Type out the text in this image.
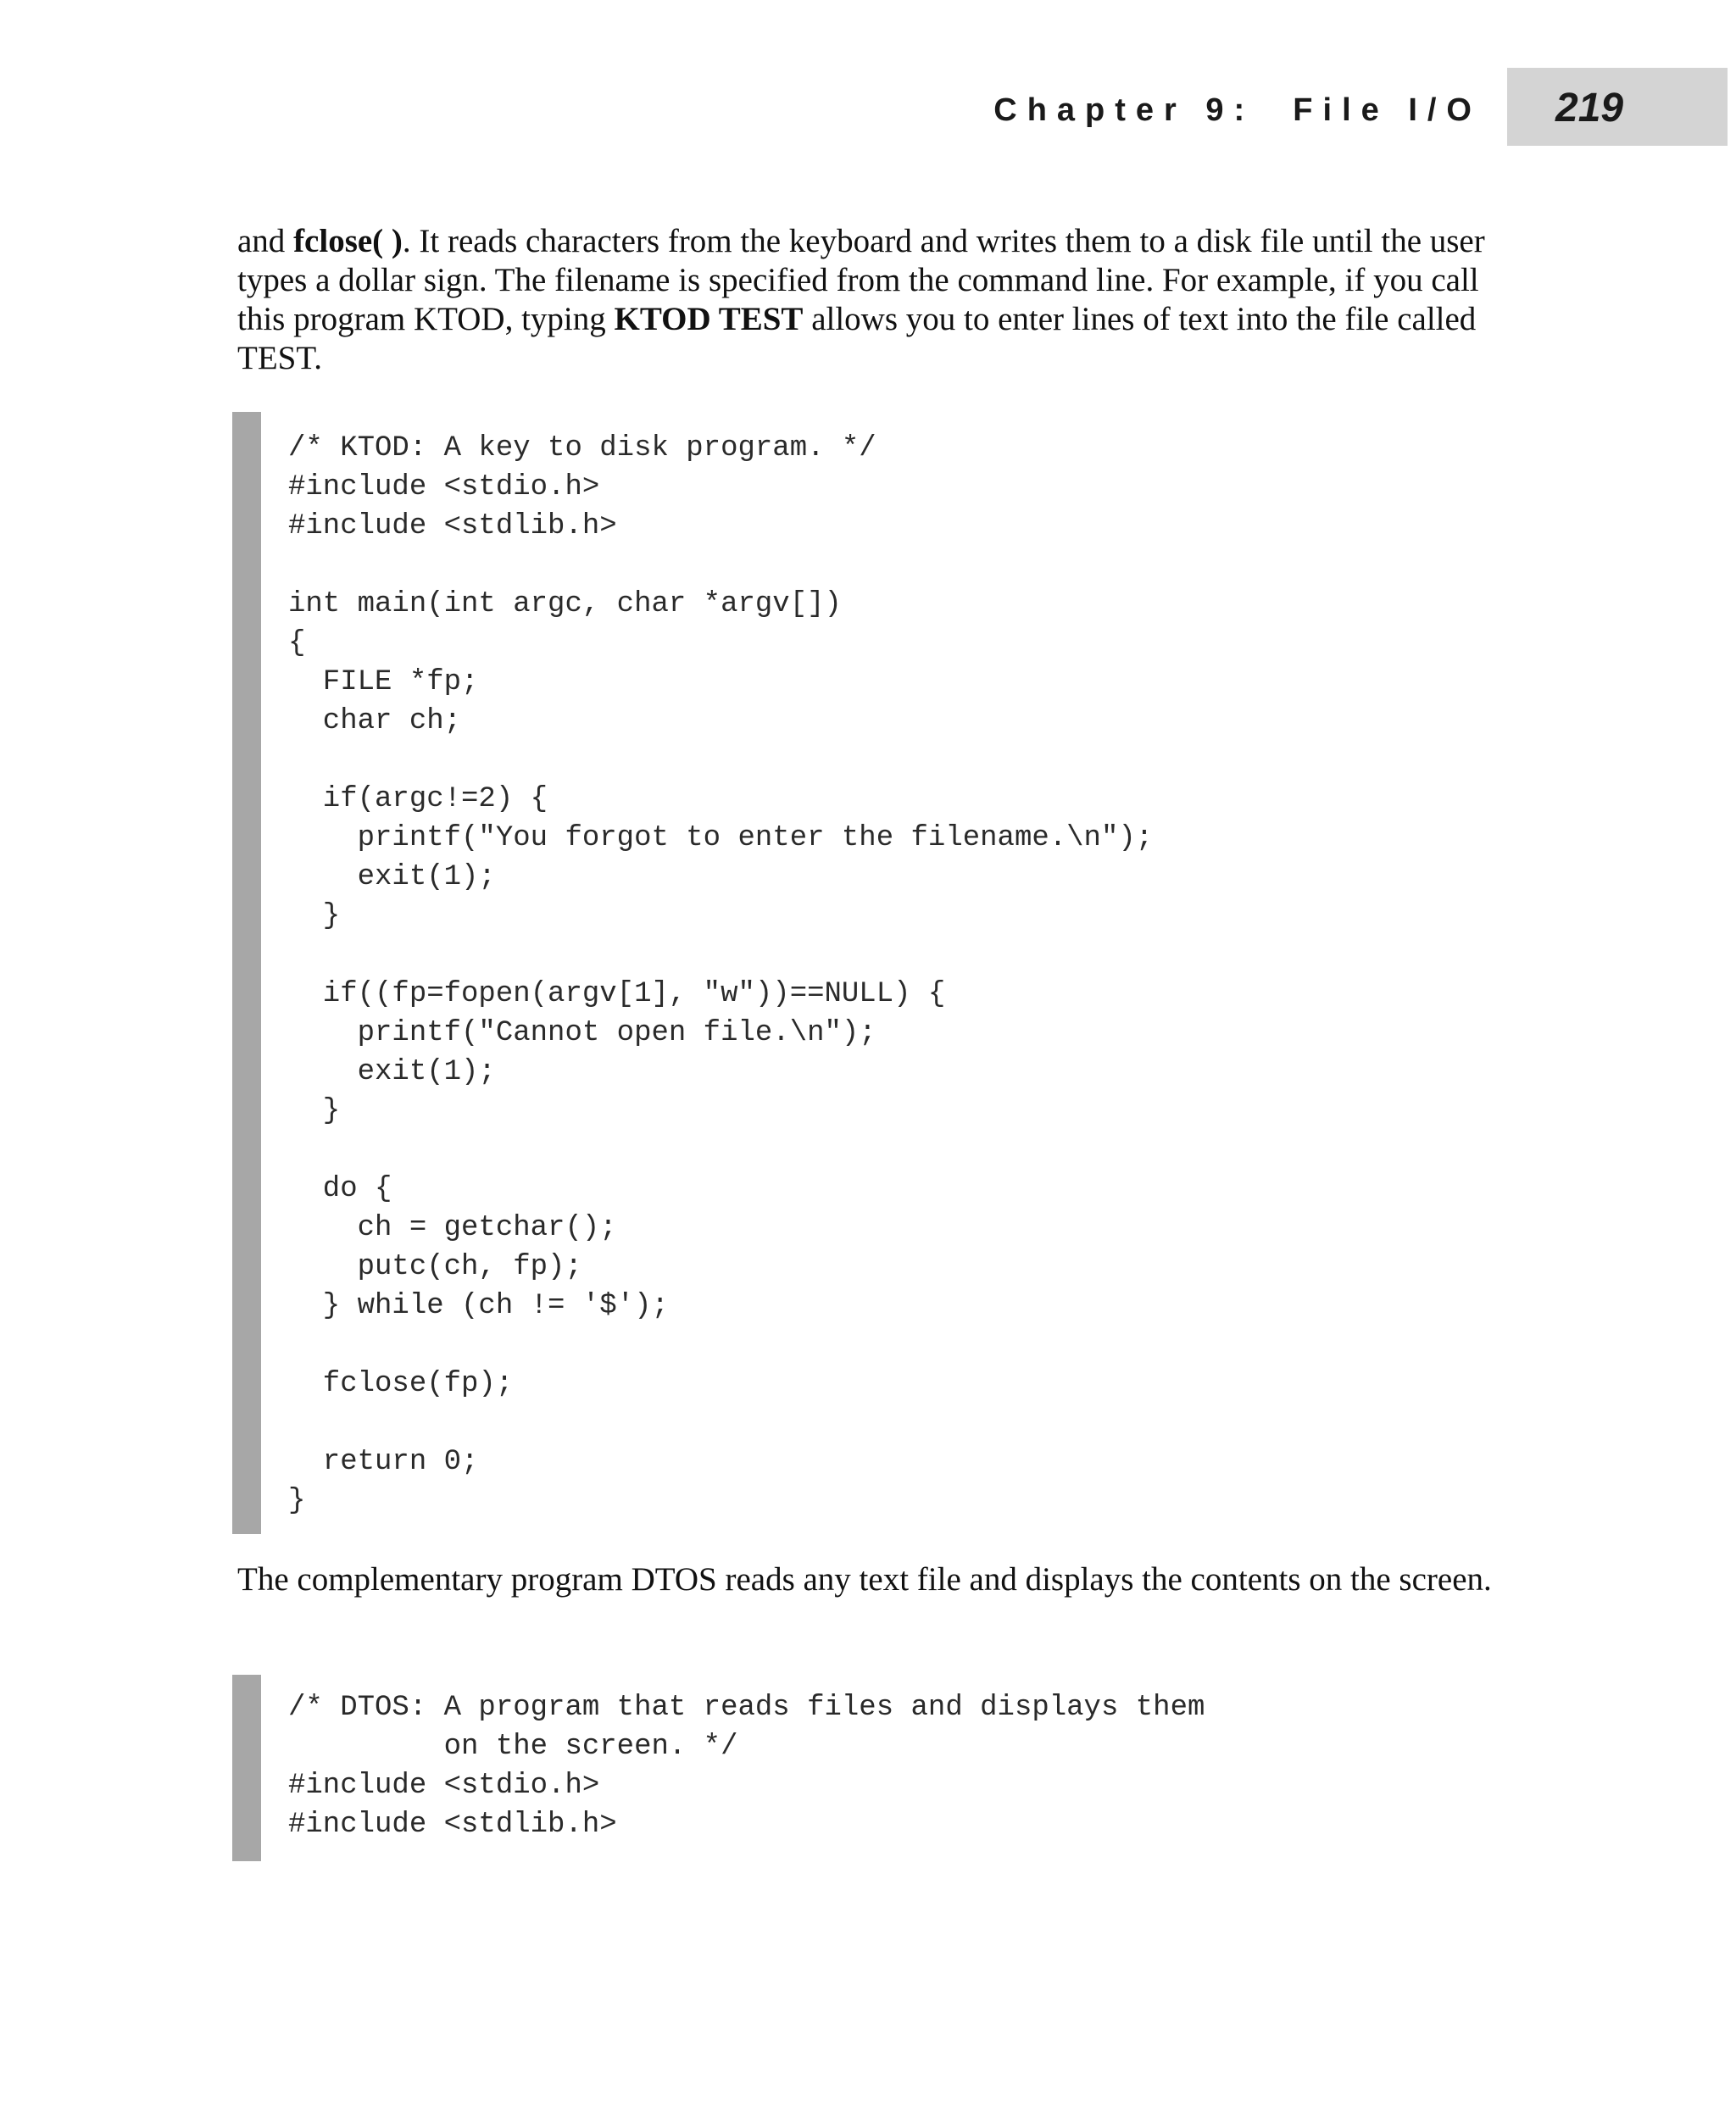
Chapter 9:  File I/O 219

and fclose( ). It reads characters from the keyboard and writes them to a disk file until the user types a dollar sign. The filename is specified from the command line. For example, if you call this program KTOD, typing KTOD TEST allows you to enter lines of text into the file called TEST.

/* KTOD: A key to disk program. */
#include <stdio.h>
#include <stdlib.h>

int main(int argc, char *argv[])
{
FILE *fp;
char ch;

if(argc!=2) {
printf("You forgot to enter the filename.\n");
exit(1);
}

if((fp=fopen(argv[1], "w"))==NULL) {
printf("Cannot open file.\n");
exit(1);
}

do {
ch = getchar();
putc(ch, fp);
} while (ch != '$');

fclose(fp);

return 0;
}

The complementary program DTOS reads any text file and displays the contents on the screen.

/* DTOS: A program that reads files and displays them
on the screen. */
#include <stdio.h>
#include <stdlib.h>
